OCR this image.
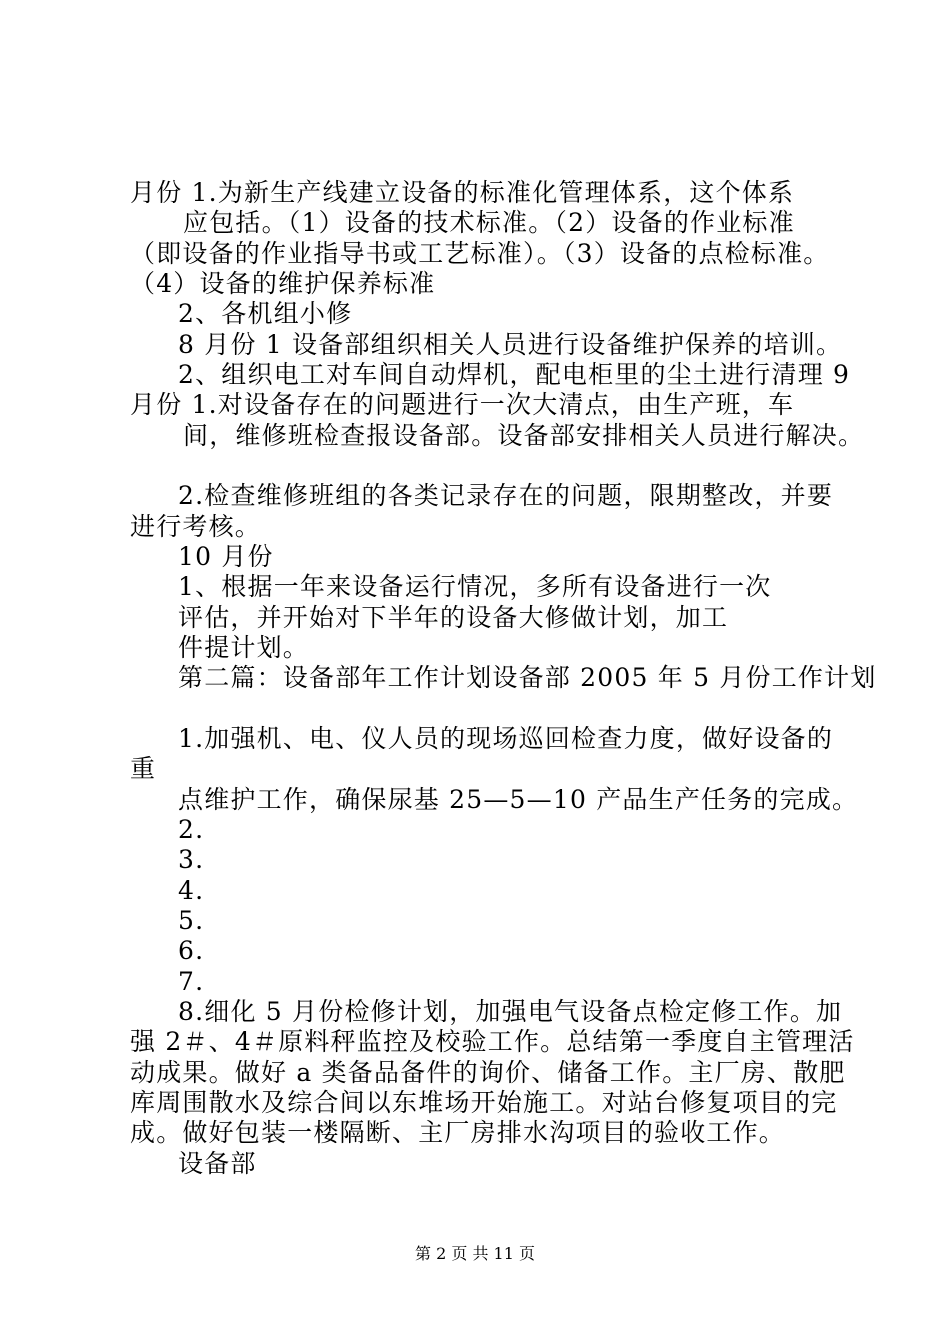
月份 1.为新生产线建立设备的标准化管理体系，这个体系
应包括。（1）设备的技术标准。（2）设备的作业标准
（即设备的作业指导书或工艺标准）。（3）设备的点检标准。
（4）设备的维护保养标准
2、各机组小修
8 月份 1 设备部组织相关人员进行设备维护保养的培训。
2、组织电工对车间自动焊机，配电柜里的尘土进行清理 9
月份 1.对设备存在的问题进行一次大清点，由生产班，车
间，维修班检查报设备部。设备部安排相关人员进行解决。
2.检查维修班组的各类记录存在的问题，限期整改，并要
进行考核。
10 月份
1、根据一年来设备运行情况，多所有设备进行一次
评估，并开始对下半年的设备大修做计划，加工
件提计划。
第二篇：设备部年工作计划设备部 2005 年 5 月份工作计划
1.加强机、电、仪人员的现场巡回检查力度，做好设备的
重
点维护工作，确保尿基 25—5—10 产品生产任务的完成。
2.
3.
4.
5.
6.
7.
8.细化 5 月份检修计划，加强电气设备点检定修工作。加
强 2＃、4＃原料秤监控及校验工作。总结第一季度自主管理活
动成果。做好 a 类备品备件的询价、储备工作。主厂房、散肥
库周围散水及综合间以东堆场开始施工。对站台修复项目的完
成。做好包装一楼隔断、主厂房排水沟项目的验收工作。
设备部
第 2 页 共 11 页
